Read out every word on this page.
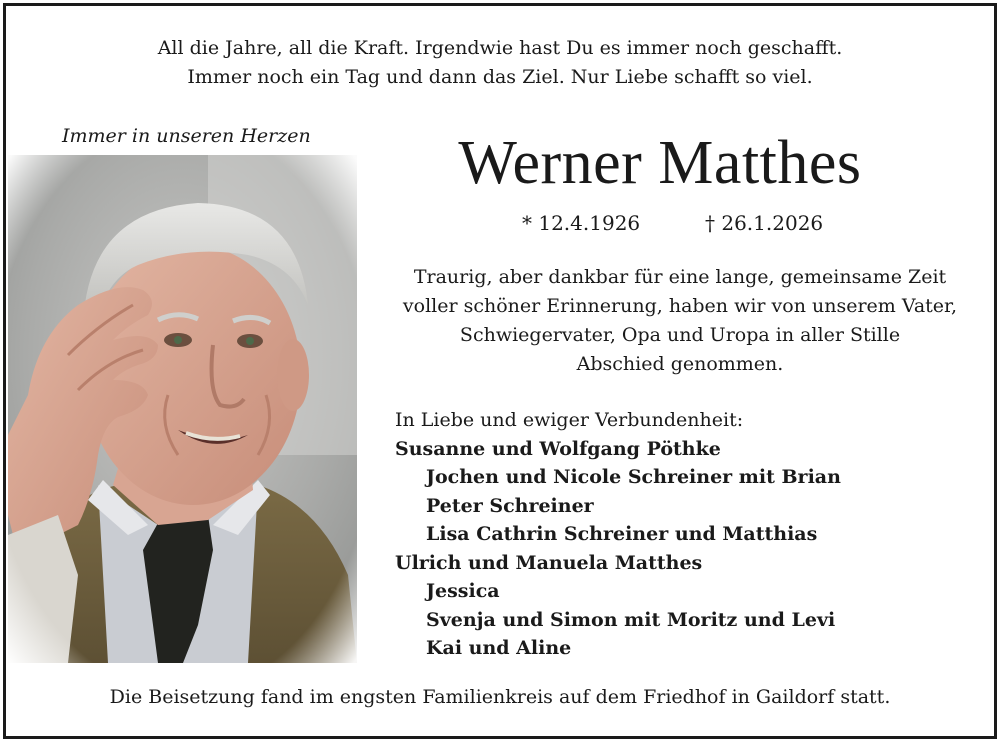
All die Jahre, all die Kraft. Irgendwie hast Du es immer noch geschafft.
Immer noch ein Tag und dann das Ziel. Nur Liebe schafft so viel.
Immer in unseren Herzen Werner Matthes
* 12.4.1926	† 26.1.2026
Traurig, aber dankbar für eine lange, gemeinsame Zeit
voller schöner Erinnerung, haben wir von unserem Vater,
Schwiegervater, Opa und Uropa in aller Stille
Abschied genommen.
In Liebe und ewiger Verbundenheit:
Susanne und Wolfgang Pöthke
Jochen und Nicole Schreiner mit Brian
Peter Schreiner
Lisa Cathrin Schreiner und Matthias
Ulrich und Manuela Matthes
Jessica
Svenja und Simon mit Moritz und Levi
Kai und Aline
Die Beisetzung fand im engsten Familienkreis auf dem Friedhof in Gaildorf statt.
